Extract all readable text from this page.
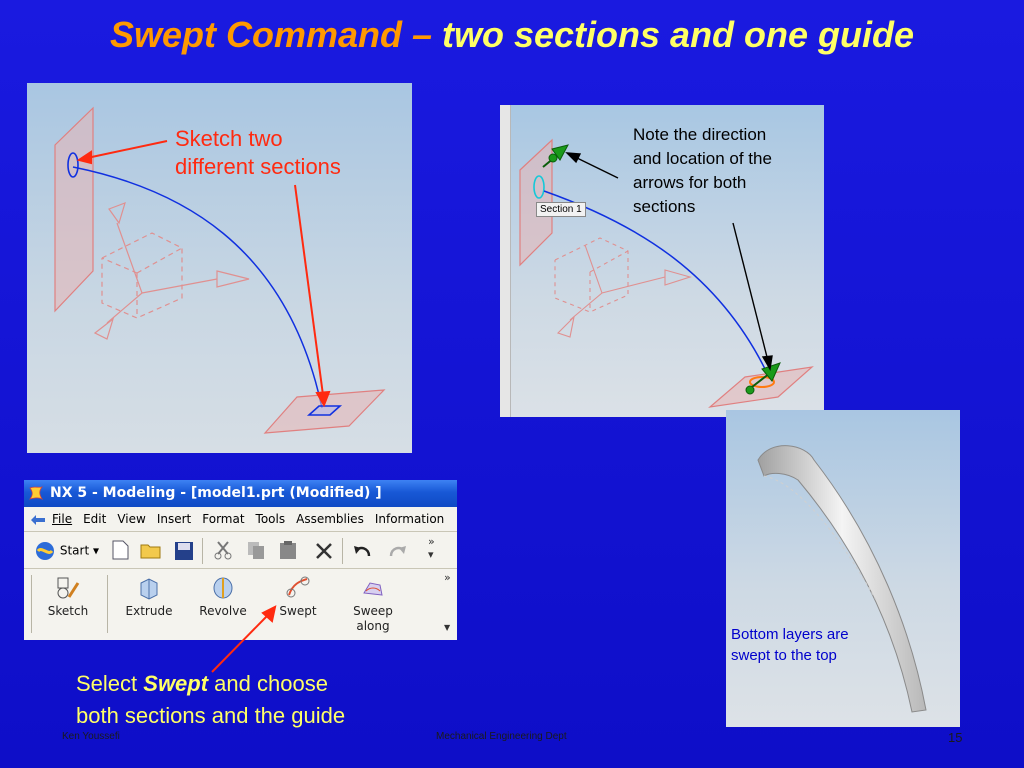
Swept Command – two sections and one guide
Sketch two
different sections
Section 1
Note the direction
and location of the
arrows for both
sections
Bottom layers are
swept to the top
NX 5 - Modeling - [model1.prt (Modified) ]
File Edit View Insert Format Tools Assemblies Information
Start ▾
»
▾
Sketch	Extrude	Revolve	Swept	Sweep
along
»
▼
Select Swept and choose
both sections and the guide
Ken Youssefi	Mechanical Engineering Dept	15
